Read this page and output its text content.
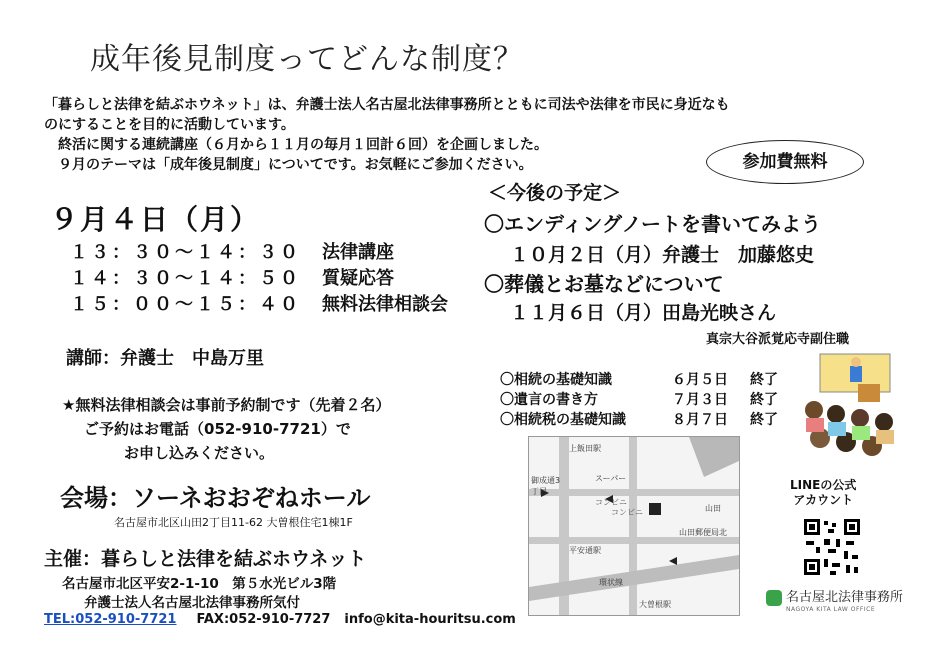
成年後見制度ってどんな制度？
「暮らしと法律を結ぶホウネット」は、弁護士法人名古屋北法律事務所とともに司法や法律を市民に身近なも
のにすることを目的に活動しています。
終活に関する連続講座（６月から１１月の毎月１回計６回）を企画しました。
９月のテーマは「成年後見制度」についてです。お気軽にご参加ください。	参加費無料
９月４日（月）
１３：３０～１４：３０ 法律講座
１４：３０～１４：５０ 質疑応答
１５：００～１５：４０ 無料法律相談会
講師：弁護士　中島万里
★無料法律相談会は事前予約制です（先着２名）
ご予約はお電話（052-910-7721）で
お申し込みください。
会場：ソーネおおぞねホール
名古屋市北区山田2丁目11-62 大曽根住宅1棟1F
主催：暮らしと法律を結ぶホウネット
名古屋市北区平安2-1-10　第５水光ビル3階
弁護士法人名古屋北法律事務所気付
TEL:052-910-7721 FAX:052-910-7727 info@kita-houritsu.com
＜今後の予定＞
〇エンディングノートを書いてみよう
１０月２日（月）弁護士　加藤悠史
〇葬儀とお墓などについて
１１月６日（月）田島光映さん
真宗大谷派覚応寺副住職
〇相続の基礎知識	６月５日 終了
〇遺言の書き方	７月３日 終了
〇相続税の基礎知識	８月７日 終了
上飯田駅
御成通3丁目
スーパー
コンビニ
コンビニ
山田郵便局北
山田
平安通駅
環状線
大曽根駅
LINEの公式
アカウント
名古屋北法律事務所
NAGOYA KITA LAW OFFICE
